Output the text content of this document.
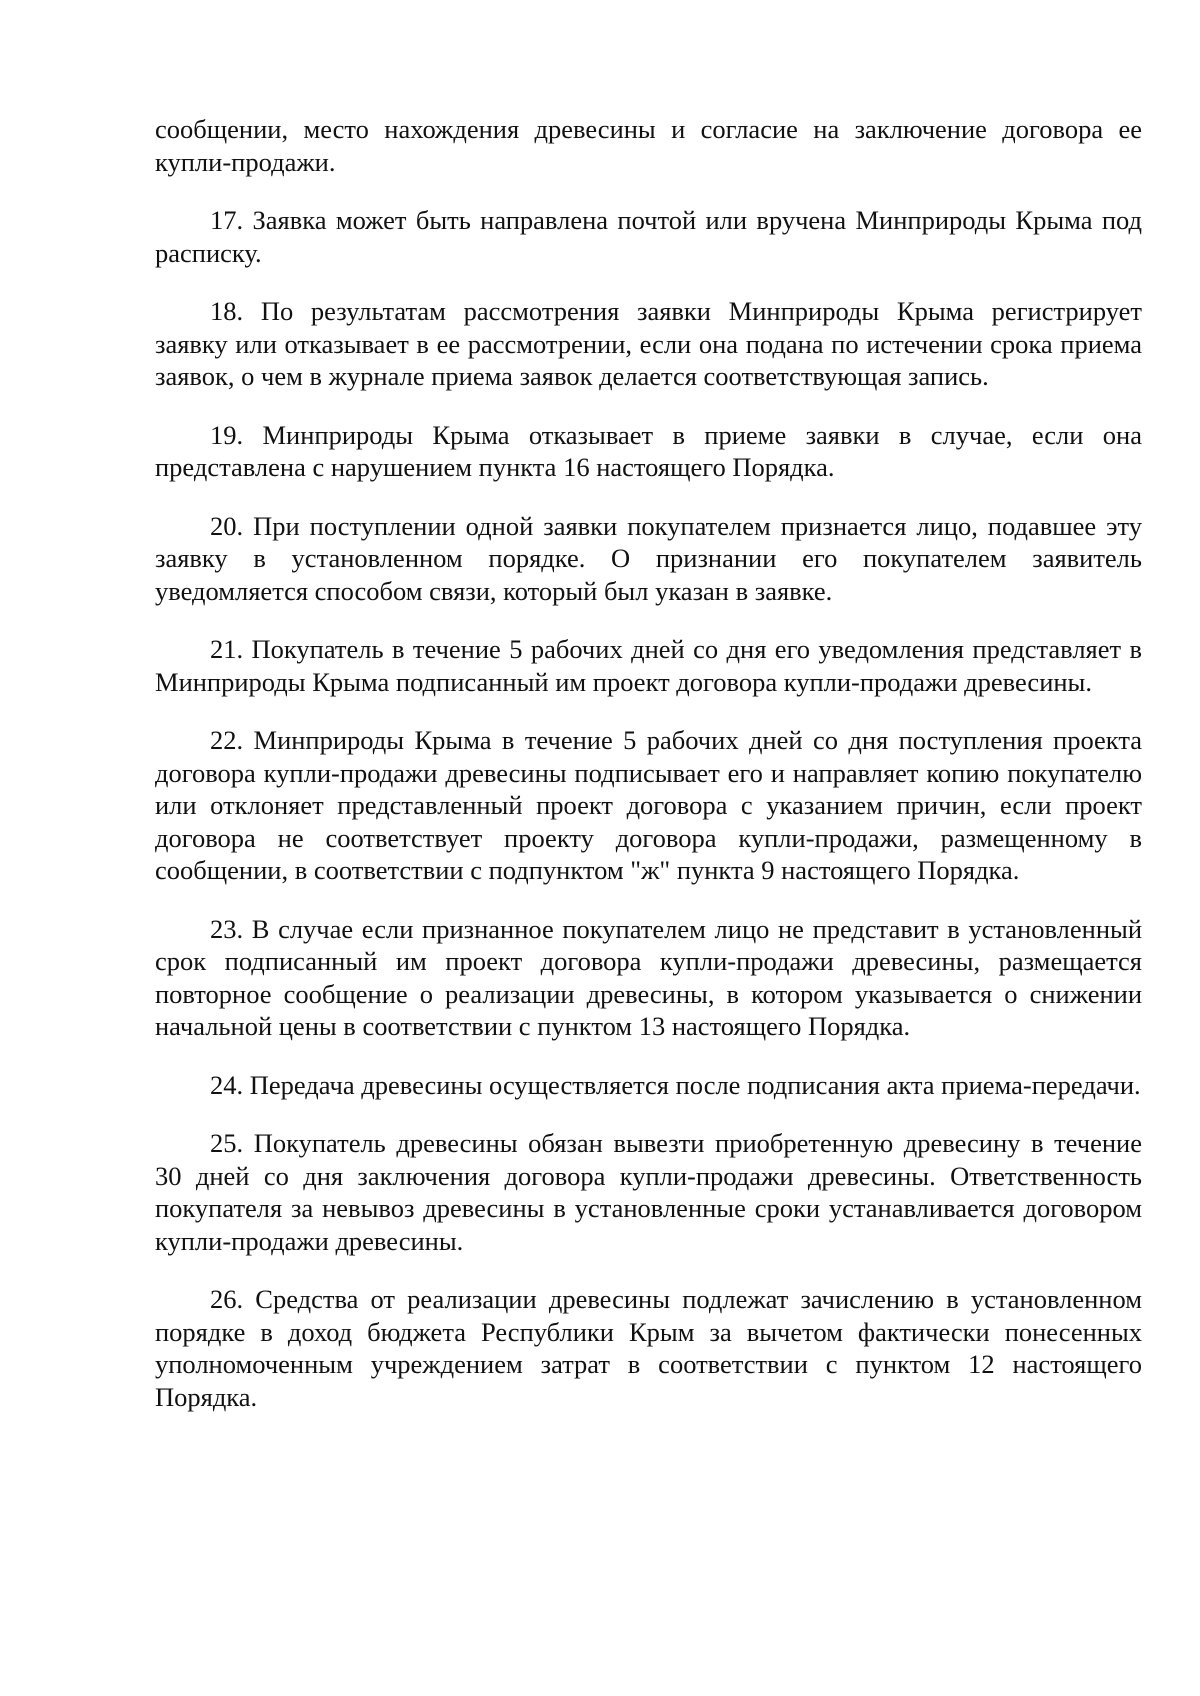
сообщении, место нахождения древесины и согласие на заключение договора ее купли-продажи.

17. Заявка может быть направлена почтой или вручена Минприроды Крыма под расписку.

18. По результатам рассмотрения заявки Минприроды Крыма регистрирует заявку или отказывает в ее рассмотрении, если она подана по истечении срока приема заявок, о чем в журнале приема заявок делается соответствующая запись.

19. Минприроды Крыма отказывает в приеме заявки в случае, если она представлена с нарушением пункта 16 настоящего Порядка.

20. При поступлении одной заявки покупателем признается лицо, подавшее эту заявку в установленном порядке. О признании его покупателем заявитель уведомляется способом связи, который был указан в заявке.

21. Покупатель в течение 5 рабочих дней со дня его уведомления представляет в Минприроды Крыма подписанный им проект договора купли-продажи древесины.

22. Минприроды Крыма в течение 5 рабочих дней со дня поступления проекта договора купли-продажи древесины подписывает его и направляет копию покупателю или отклоняет представленный проект договора с указанием причин, если проект договора не соответствует проекту договора купли-продажи, размещенному в сообщении, в соответствии с подпунктом "ж" пункта 9 настоящего Порядка.

23. В случае если признанное покупателем лицо не представит в установленный срок подписанный им проект договора купли-продажи древесины, размещается повторное сообщение о реализации древесины, в котором указывается о снижении начальной цены в соответствии с пунктом 13 настоящего Порядка.

24. Передача древесины осуществляется после подписания акта приема-передачи.

25. Покупатель древесины обязан вывезти приобретенную древесину в течение 30 дней со дня заключения договора купли-продажи древесины. Ответственность покупателя за невывоз древесины в установленные сроки устанавливается договором купли-продажи древесины.

26. Средства от реализации древесины подлежат зачислению в установленном порядке в доход бюджета Республики Крым за вычетом фактически понесенных уполномоченным учреждением затрат в соответствии с пунктом 12 настоящего Порядка.
